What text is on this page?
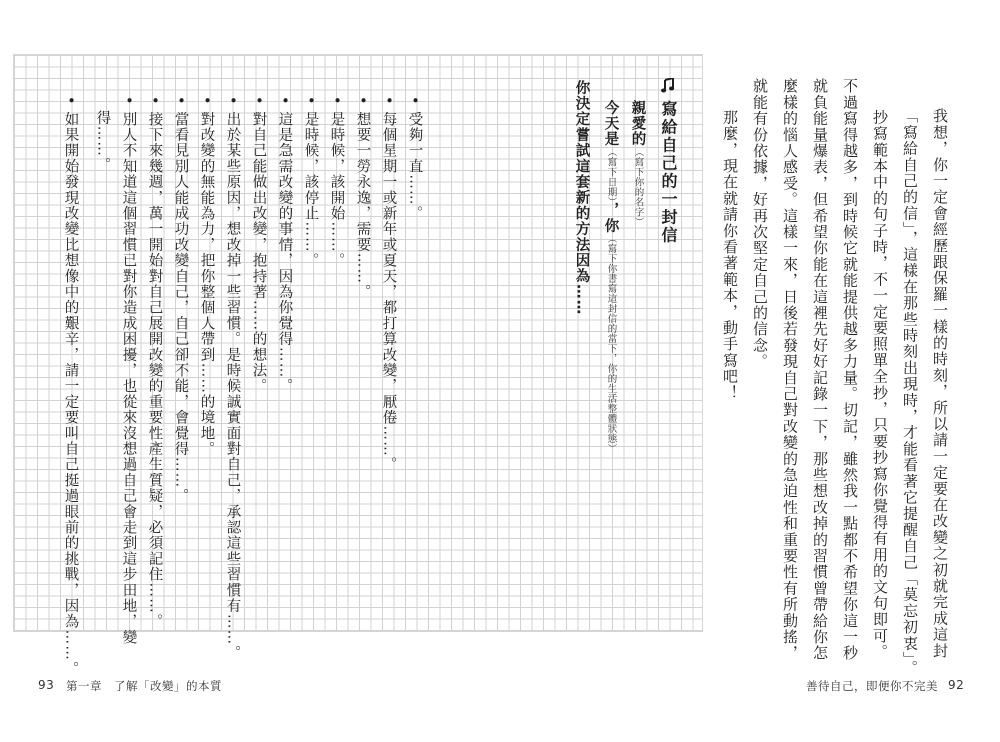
我想，你一定會經歷跟保羅一樣的時刻，所以請一定要在改變之初就完成這封
「寫給自己的信」，這樣在那些時刻出現時，才能看著它提醒自己「莫忘初衷」。
　抄寫範本中的句子時，不一定要照單全抄，只要抄寫你覺得有用的文句即可。
不過寫得越多，到時候它就能提供越多力量。切記，雖然我一點都不希望你這一秒
就負能量爆表，但希望你能在這裡先好好記錄一下，那些想改掉的習慣曾帶給你怎
麼樣的惱人感受。這樣一來，日後若發現自己對改變的急迫性和重要性有所動搖，
就能有份依據，好再次堅定自己的信念。
　那麼，現在就請你看著範本，動手寫吧！
寫給自己的一封信
親愛的（寫下你的名字）
今天是（寫下日期），你（寫下你書寫這封信的當下，你的生活整體狀態）
你決定嘗試這套新的方法因為……
• 受夠一直……。
• 每個星期一或新年或夏天，都打算改變，厭倦……。
• 想要一勞永逸，需要……。
• 是時候，該開始……。
• 是時候，該停止……。
• 這是急需改變的事情，因為你覺得……。
• 對自己能做出改變，抱持著……的想法。
• 出於某些原因，想改掉一些習慣。是時候誠實面對自己，承認這些習慣有……。
• 對改變的無能為力，把你整個人帶到……的境地。
• 當看見別人能成功改變自己，自己卻不能，會覺得……。
• 接下來幾週，萬一開始對自己展開改變的重要性產生質疑，必須記住……。
• 別人不知道這個習慣已對你造成困擾，也從來沒想過自己會走到這步田地，變
得……。
• 如果開始發現改變比想像中的艱辛，請一定要叫自己挺過眼前的挑戰，因為……。
93 第一章　了解「改變」的本質	善待自己，即便你不完美 92
